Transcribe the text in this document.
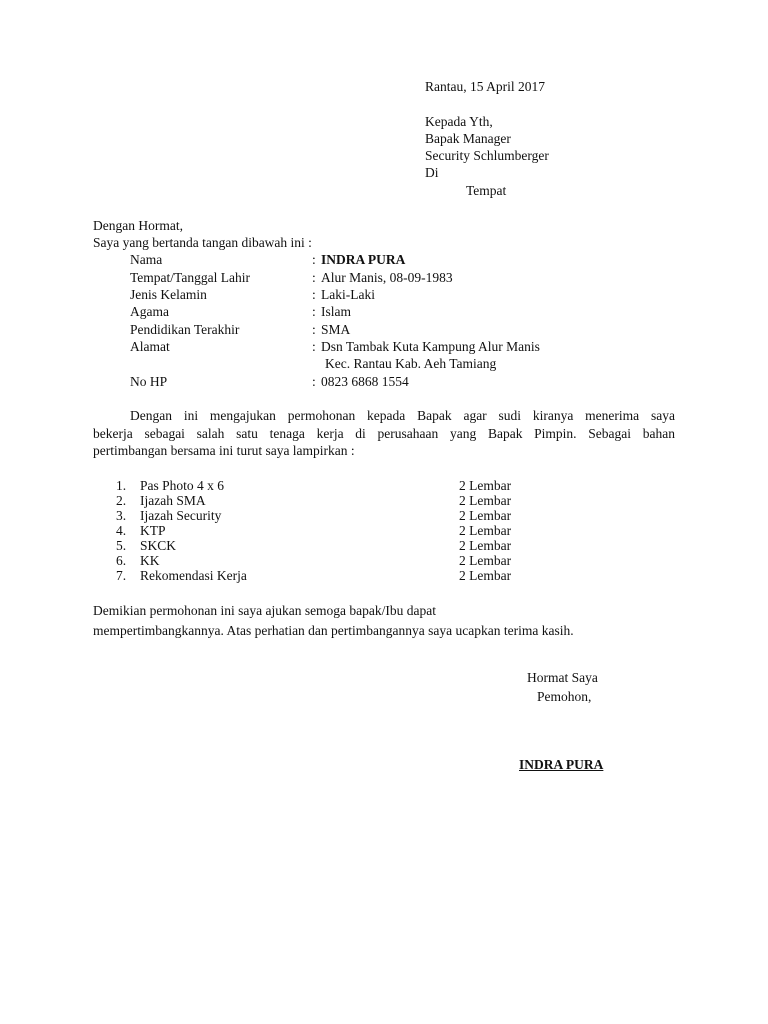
Rantau, 15 April 2017
Kepada Yth,
Bapak Manager
Security Schlumberger
Di
Tempat
Dengan Hormat,
Saya yang bertanda tangan dibawah ini :
Nama	: INDRA PURA
Tempat/Tanggal Lahir	: Alur Manis, 08-09-1983
Jenis Kelamin	: Laki-Laki
Agama	: Islam
Pendidikan Terakhir	: SMA
Alamat	: Dsn Tambak Kuta Kampung Alur Manis
Kec. Rantau Kab. Aeh Tamiang
No HP	: 0823 6868 1554
Dengan ini mengajukan permohonan kepada Bapak agar sudi kiranya menerima saya
bekerja sebagai salah satu tenaga kerja di perusahaan yang Bapak Pimpin. Sebagai bahan
pertimbangan bersama ini turut saya lampirkan :
1. Pas Photo 4 x 6	2 Lembar
2. Ijazah SMA	2 Lembar
3. Ijazah Security	2 Lembar
4. KTP	2 Lembar
5. SKCK	2 Lembar
6. KK	2 Lembar
7. Rekomendasi Kerja	2 Lembar
Demikian permohonan ini saya ajukan semoga bapak/Ibu dapat
mempertimbangkannya. Atas perhatian dan pertimbangannya saya ucapkan terima kasih.
Hormat Saya
Pemohon,
INDRA PURA
